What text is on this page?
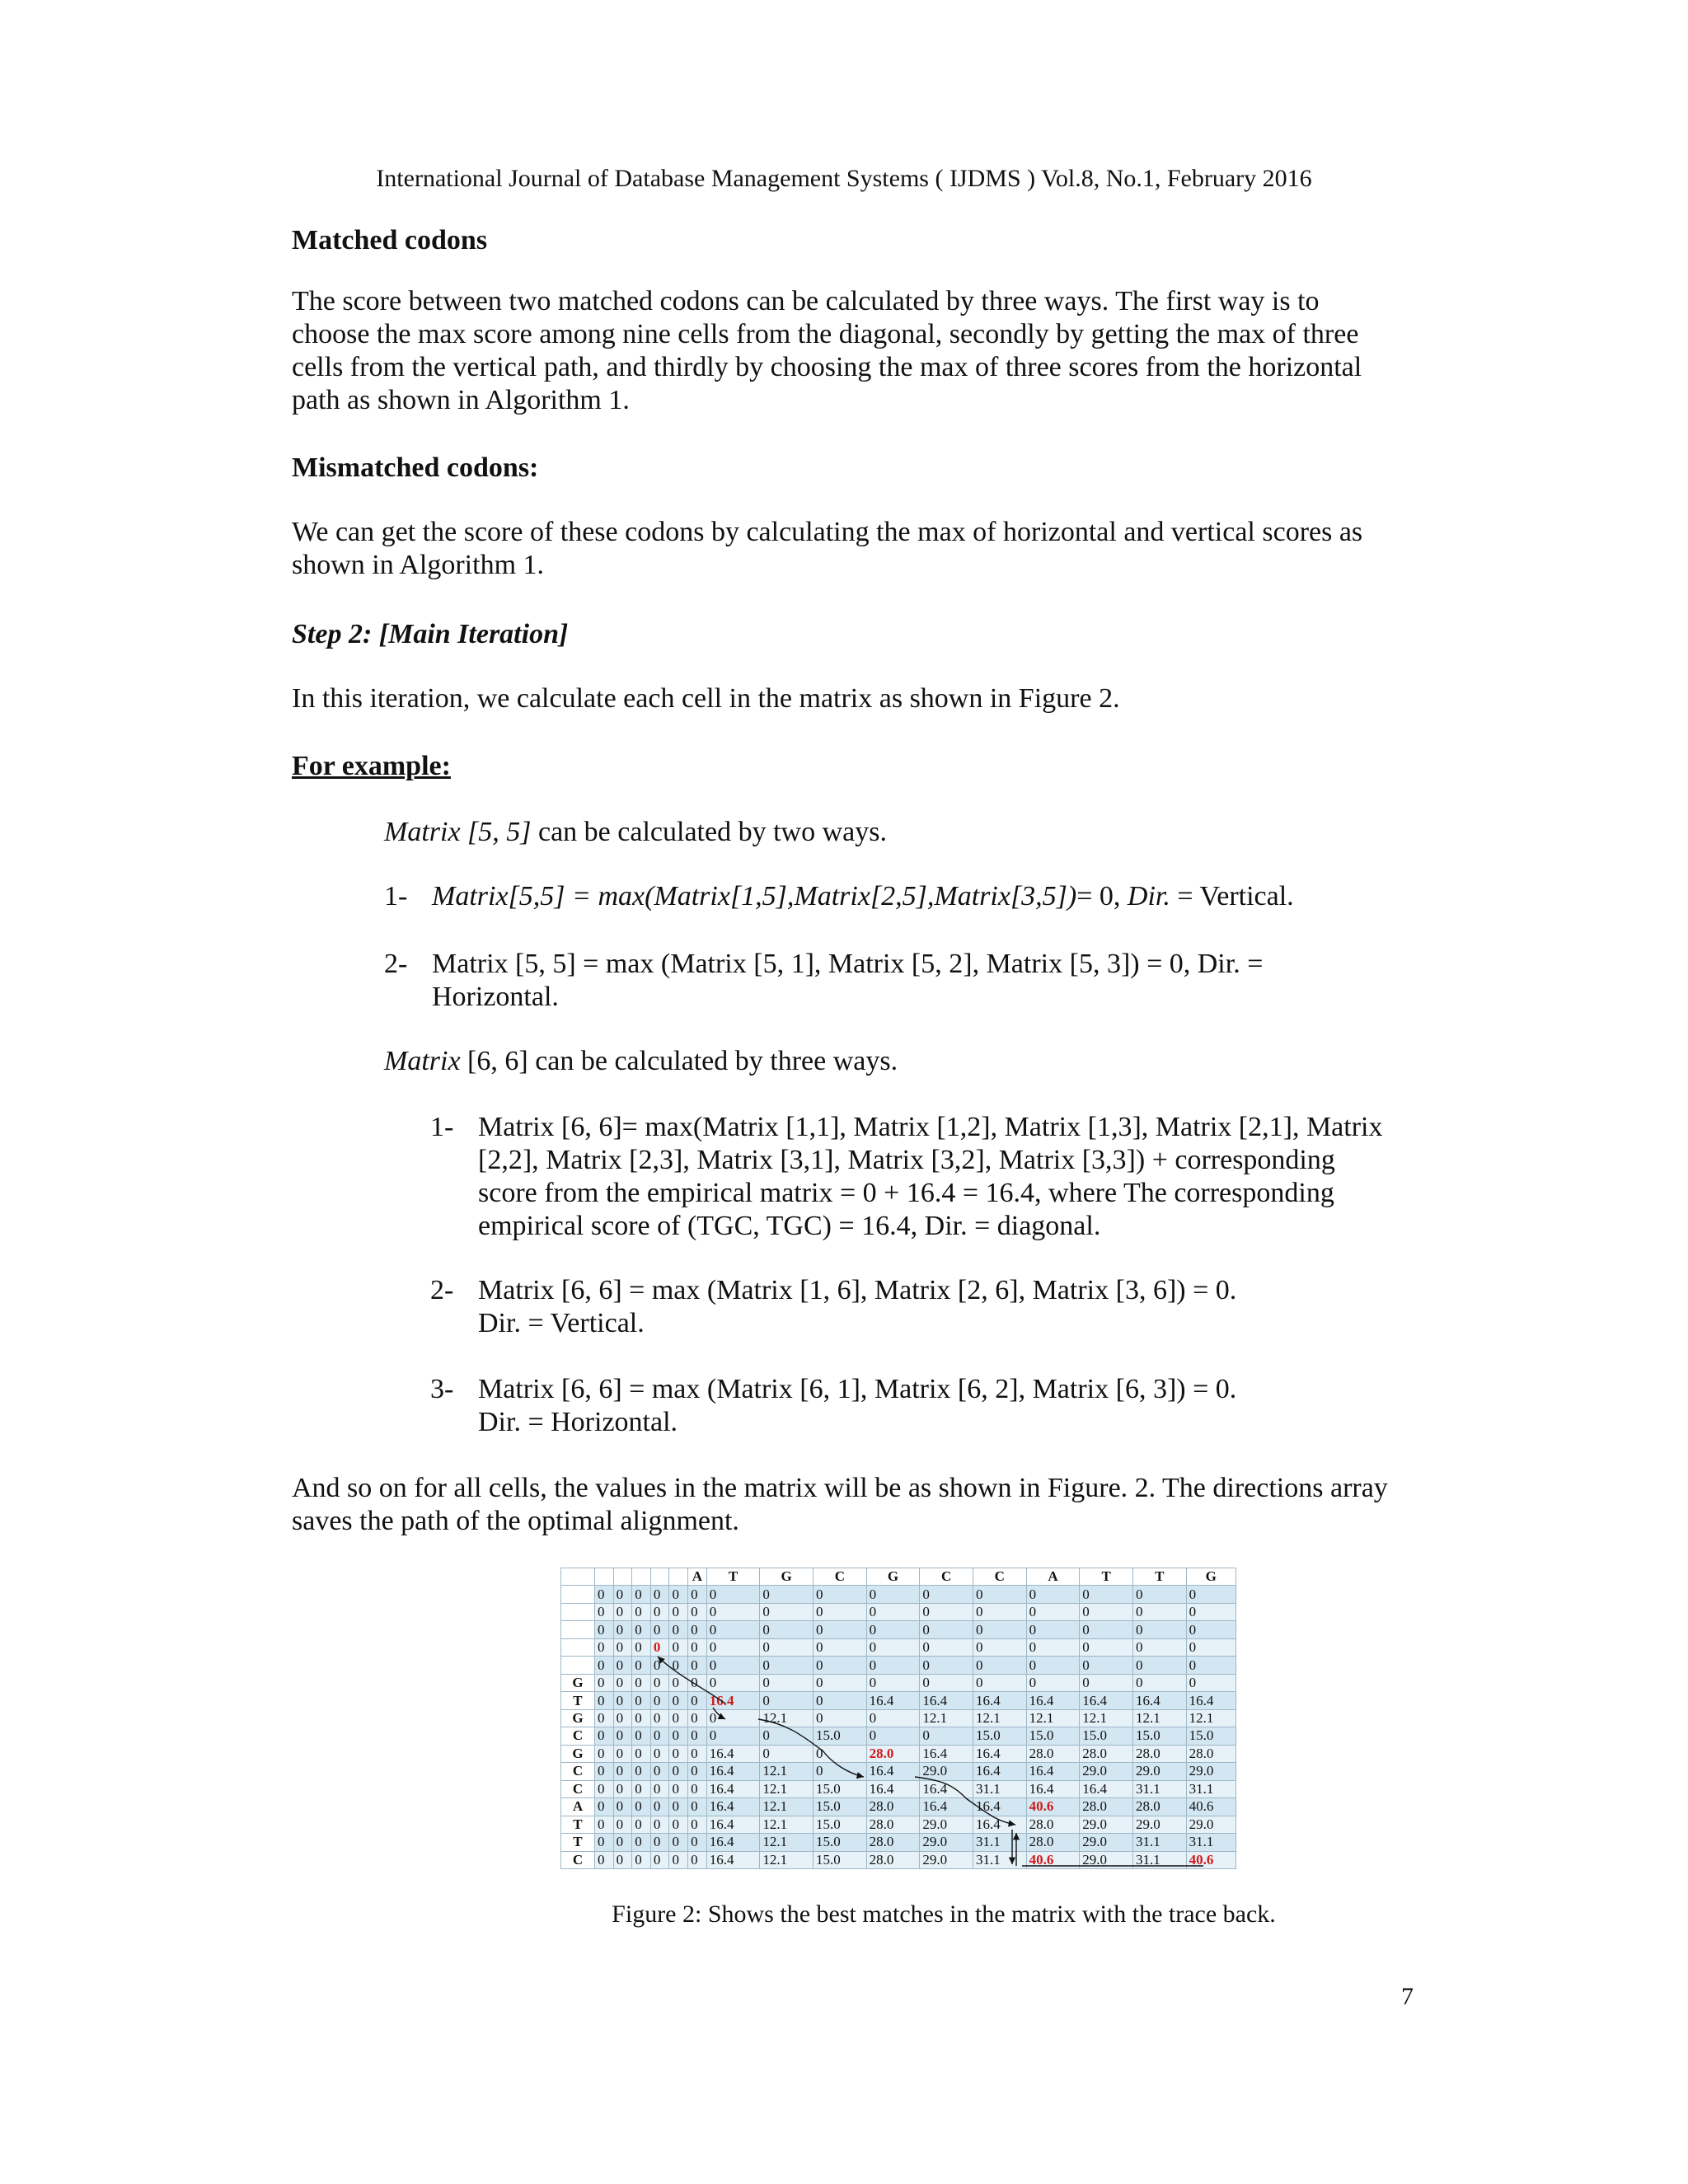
International Journal of Database Management Systems ( IJDMS ) Vol.8, No.1, February 2016
Matched codons
The score between two matched codons can be calculated by three ways. The first way is to
choose the max score among nine cells from the diagonal, secondly by getting the max of three
cells from the vertical path, and thirdly by choosing the max of three scores from the horizontal
path as shown in Algorithm 1.
Mismatched codons:
We can get the score of these codons by calculating the max of horizontal and vertical scores as
shown in Algorithm 1.
Step 2: [Main Iteration]
In this iteration, we calculate each cell in the matrix as shown in Figure 2.
For example:
Matrix [5, 5] can be calculated by two ways.
1- Matrix[5,5] = max(Matrix[1,5],Matrix[2,5],Matrix[3,5])= 0, Dir. = Vertical.
2- Matrix [5, 5] = max (Matrix [5, 1], Matrix [5, 2], Matrix [5, 3]) = 0, Dir. =
Horizontal.
Matrix [6, 6] can be calculated by three ways.
1- Matrix [6, 6]= max(Matrix [1,1], Matrix [1,2], Matrix [1,3], Matrix [2,1], Matrix
[2,2], Matrix [2,3], Matrix [3,1], Matrix [3,2], Matrix [3,3]) + corresponding
score from the empirical matrix = 0 + 16.4 = 16.4, where The corresponding
empirical score of (TGC, TGC) = 16.4, Dir. = diagonal.
2- Matrix [6, 6] = max (Matrix [1, 6], Matrix [2, 6], Matrix [3, 6]) = 0.
Dir. = Vertical.
3- Matrix [6, 6] = max (Matrix [6, 1], Matrix [6, 2], Matrix [6, 3]) = 0.
Dir. = Horizontal.
And so on for all cells, the values in the matrix will be as shown in Figure. 2. The directions array
saves the path of the optimal alignment.
						A	T	G	C	G	C	C	A	T	T	G
	0	0	0	0	0	0	0	0	0	0	0	0	0	0	0	0
	0	0	0	0	0	0	0	0	0	0	0	0	0	0	0	0
	0	0	0	0	0	0	0	0	0	0	0	0	0	0	0	0
	0	0	0	0	0	0	0	0	0	0	0	0	0	0	0	0
	0	0	0	0	0	0	0	0	0	0	0	0	0	0	0	0
G	0	0	0	0	0	0	0	0	0	0	0	0	0	0	0	0
T	0	0	0	0	0	0	16.4	0	0	16.4	16.4	16.4	16.4	16.4	16.4	16.4
G	0	0	0	0	0	0	0	12.1	0	0	12.1	12.1	12.1	12.1	12.1	12.1
C	0	0	0	0	0	0	0	0	15.0	0	0	15.0	15.0	15.0	15.0	15.0
G	0	0	0	0	0	0	16.4	0	0	28.0	16.4	16.4	28.0	28.0	28.0	28.0
C	0	0	0	0	0	0	16.4	12.1	0	16.4	29.0	16.4	16.4	29.0	29.0	29.0
C	0	0	0	0	0	0	16.4	12.1	15.0	16.4	16.4	31.1	16.4	16.4	31.1	31.1
A	0	0	0	0	0	0	16.4	12.1	15.0	28.0	16.4	16.4	40.6	28.0	28.0	40.6
T	0	0	0	0	0	0	16.4	12.1	15.0	28.0	29.0	16.4	28.0	29.0	29.0	29.0
T	0	0	0	0	0	0	16.4	12.1	15.0	28.0	29.0	31.1	28.0	29.0	31.1	31.1
C	0	0	0	0	0	0	16.4	12.1	15.0	28.0	29.0	31.1	40.6	29.0	31.1	40.6
Figure 2: Shows the best matches in the matrix with the trace back.
7
